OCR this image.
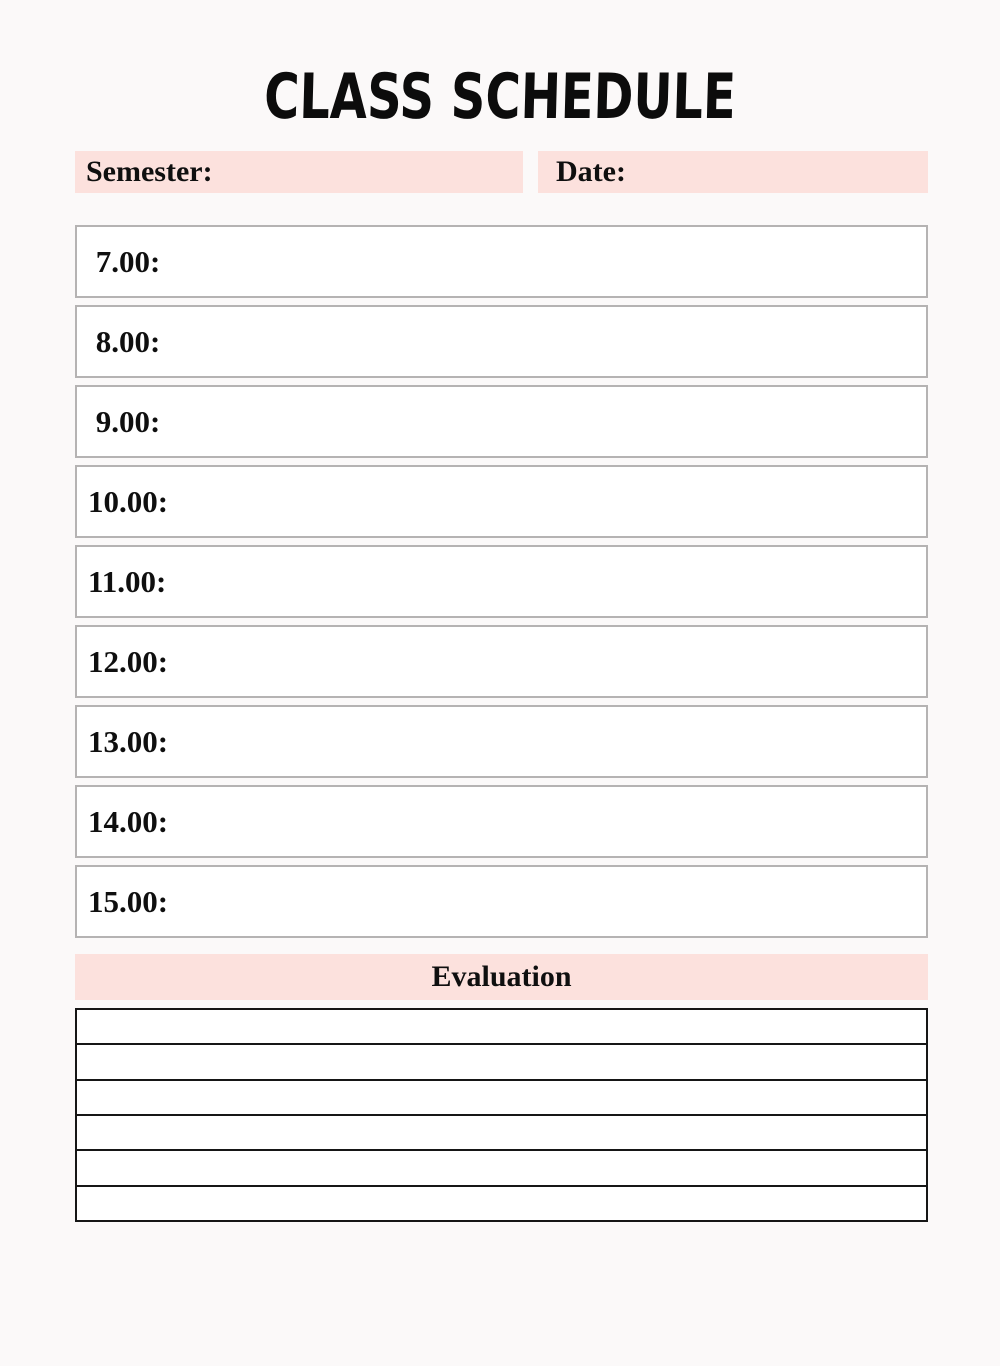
CLASS SCHEDULE
Semester:	Date:
7.00:
8.00:
9.00:
10.00:
11.00:
12.00:
13.00:
14.00:
15.00:
Evaluation
